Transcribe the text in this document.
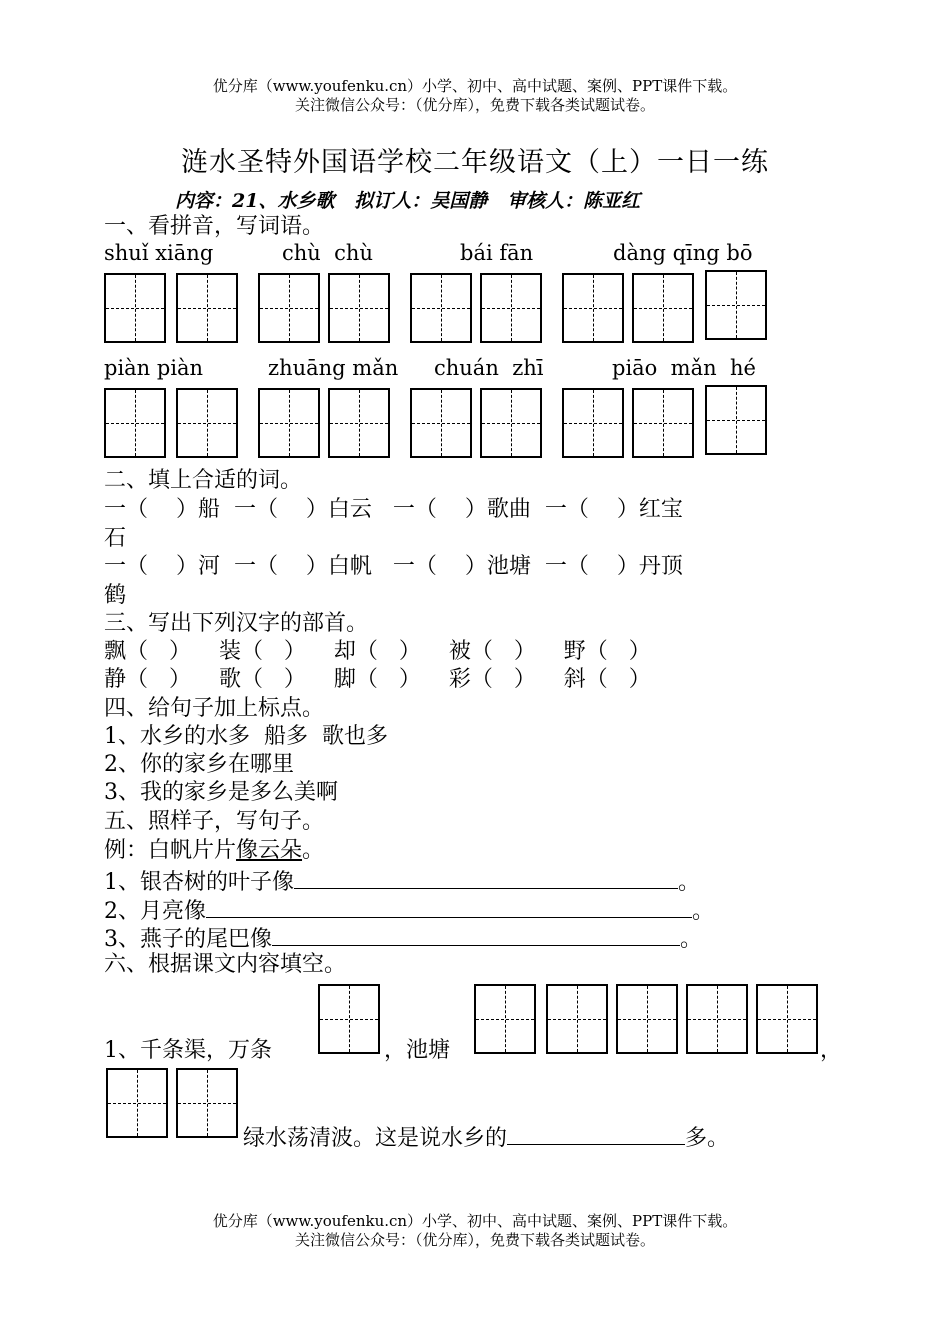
优分库（www.youfenku.cn）小学、初中、高中试题、案例、PPT课件下载。
关注微信公众号：（优分库），免费下载各类试题试卷。
涟水圣特外国语学校二年级语文（上）一日一练
内容：21、水乡歌   拟订人：吴国静   审核人：陈亚红
一、看拼音，写词语。
shuǐ xiāng	chù  chù	bái fān	dàng qīng bō
piàn piàn	zhuāng mǎn chuán  zhī	piāo  mǎn  hé
二、填上合适的词。
一（    ）船  一（    ）白云   一（    ）歌曲  一（    ）红宝
石
一（    ）河  一（    ）白帆   一（    ）池塘  一（    ）丹顶
鹤
三、写出下列汉字的部首。
飘（   ）    装（   ）    却（   ）    被（   ）    野（   ）
静（   ）    歌（   ）    脚（   ）    彩（   ）    斜（   ）
四、给句子加上标点。
1、水乡的水多  船多  歌也多
2、你的家乡在哪里
3、我的家乡是多么美啊
五、照样子，写句子。
例：白帆片片像云朵。
1、银杏树的叶子像	。
2、月亮像	。
3、燕子的尾巴像	。
六、根据课文内容填空。
1、千条渠，万条	，池塘	，
绿水荡清波。这是说水乡的	多。
优分库（www.youfenku.cn）小学、初中、高中试题、案例、PPT课件下载。
关注微信公众号：（优分库），免费下载各类试题试卷。
